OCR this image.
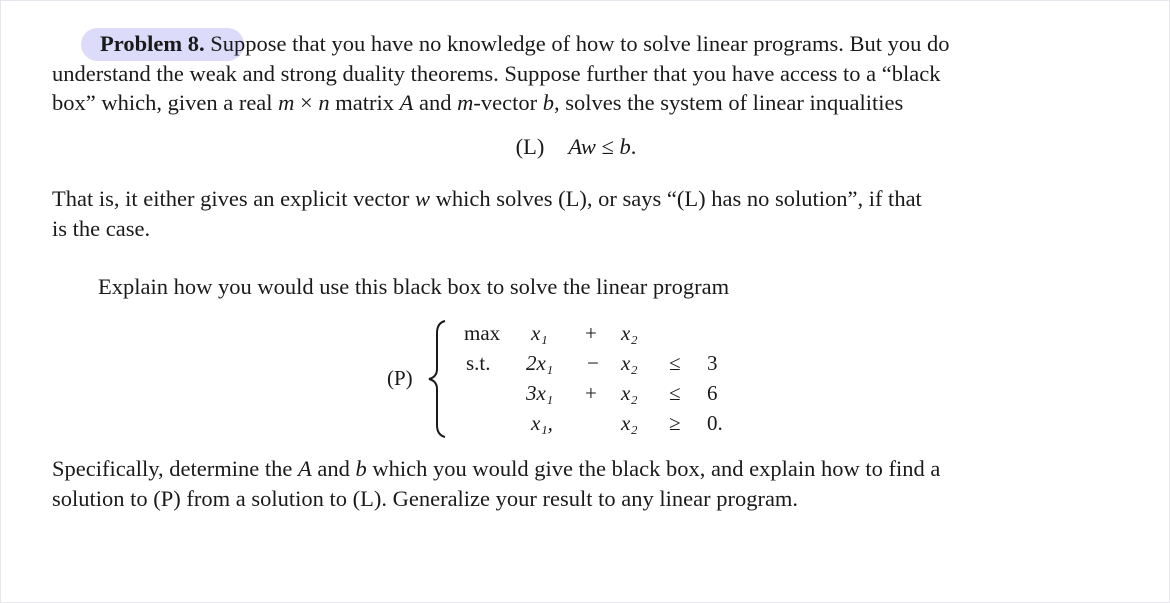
Problem 8. Suppose that you have no knowledge of how to solve linear programs. But you do
understand the weak and strong duality theorems. Suppose further that you have access to a “black
box” which, given a real m × n matrix A and m-vector b, solves the system of linear inqualities
(L) Aw ≤ b.
That is, it either gives an explicit vector w which solves (L), or says “(L) has no solution”, if that
is the case.
Explain how you would use this black box to solve the linear program
(P)
max x₁ + x₂
s.t. 2x₁ − x₂ ≤ 3
3x₁ + x₂ ≤ 6
x₁,	x₂ ≥ 0.
Specifically, determine the A and b which you would give the black box, and explain how to find a
solution to (P) from a solution to (L). Generalize your result to any linear program.
